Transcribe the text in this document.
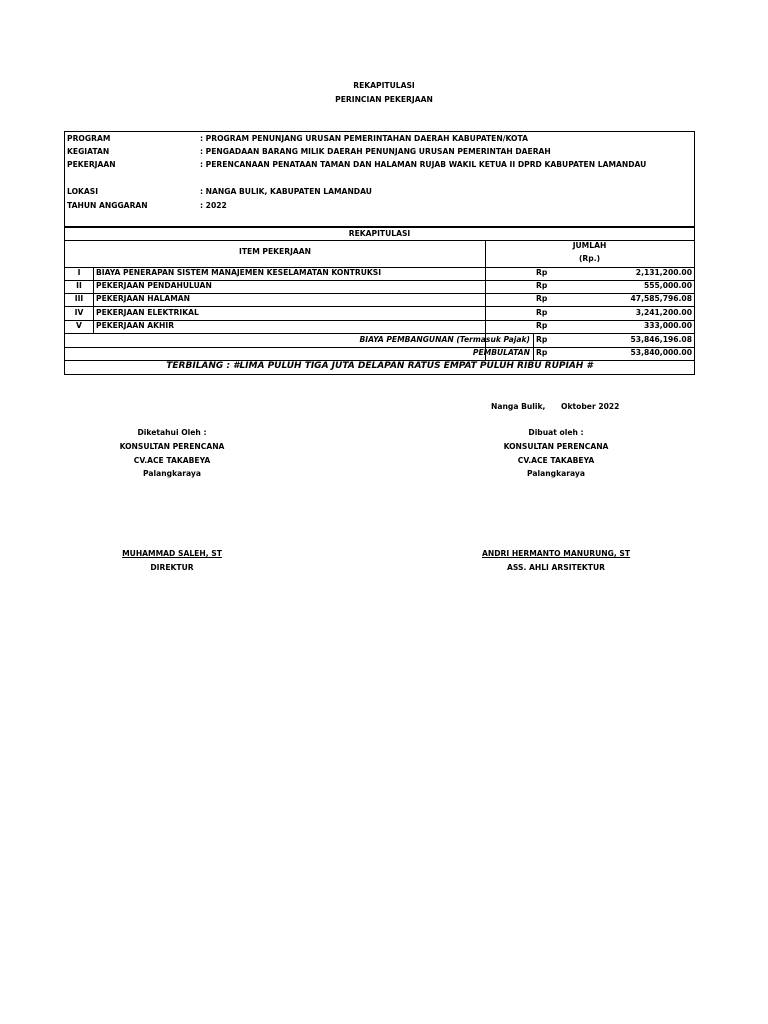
REKAPITULASI
PERINCIAN PEKERJAAN
PROGRAM	: PROGRAM PENUNJANG URUSAN PEMERINTAHAN DAERAH KABUPATEN/KOTA
KEGIATAN	: PENGADAAN BARANG MILIK DAERAH PENUNJANG URUSAN PEMERINTAH DAERAH
PEKERJAAN	: PERENCANAAN PENATAAN TAMAN DAN HALAMAN RUJAB WAKIL KETUA II DPRD KABUPATEN LAMANDAU
LOKASI	: NANGA BULIK, KABUPATEN LAMANDAU
TAHUN ANGGARAN	: 2022
REKAPITULASI
ITEM PEKERJAAN
JUMLAH
(Rp.)
I	BIAYA PENERAPAN SISTEM MANAJEMEN KESELAMATAN KONTRUKSI	Rp	2,131,200.00
II	PEKERJAAN PENDAHULUAN	Rp	555,000.00
III	PEKERJAAN HALAMAN	Rp	47,585,796.08
IV	PEKERJAAN ELEKTRIKAL	Rp	3,241,200.00
V	PEKERJAAN AKHIR	Rp	333,000.00
BIAYA PEMBANGUNAN (Termasuk Pajak) Rp	53,846,196.08
PEMBULATAN Rp	53,840,000.00
TERBILANG : #LIMA PULUH TIGA JUTA DELAPAN RATUS EMPAT PULUH RIBU RUPIAH #
Nanga Bulik, Oktober 2022
Diketahui Oleh :
KONSULTAN PERENCANA
CV.ACE TAKABEYA
Palangkaraya
MUHAMMAD SALEH, ST
DIREKTUR
Dibuat oleh :
KONSULTAN PERENCANA
CV.ACE TAKABEYA
Palangkaraya
ANDRI HERMANTO MANURUNG, ST
ASS. AHLI ARSITEKTUR
